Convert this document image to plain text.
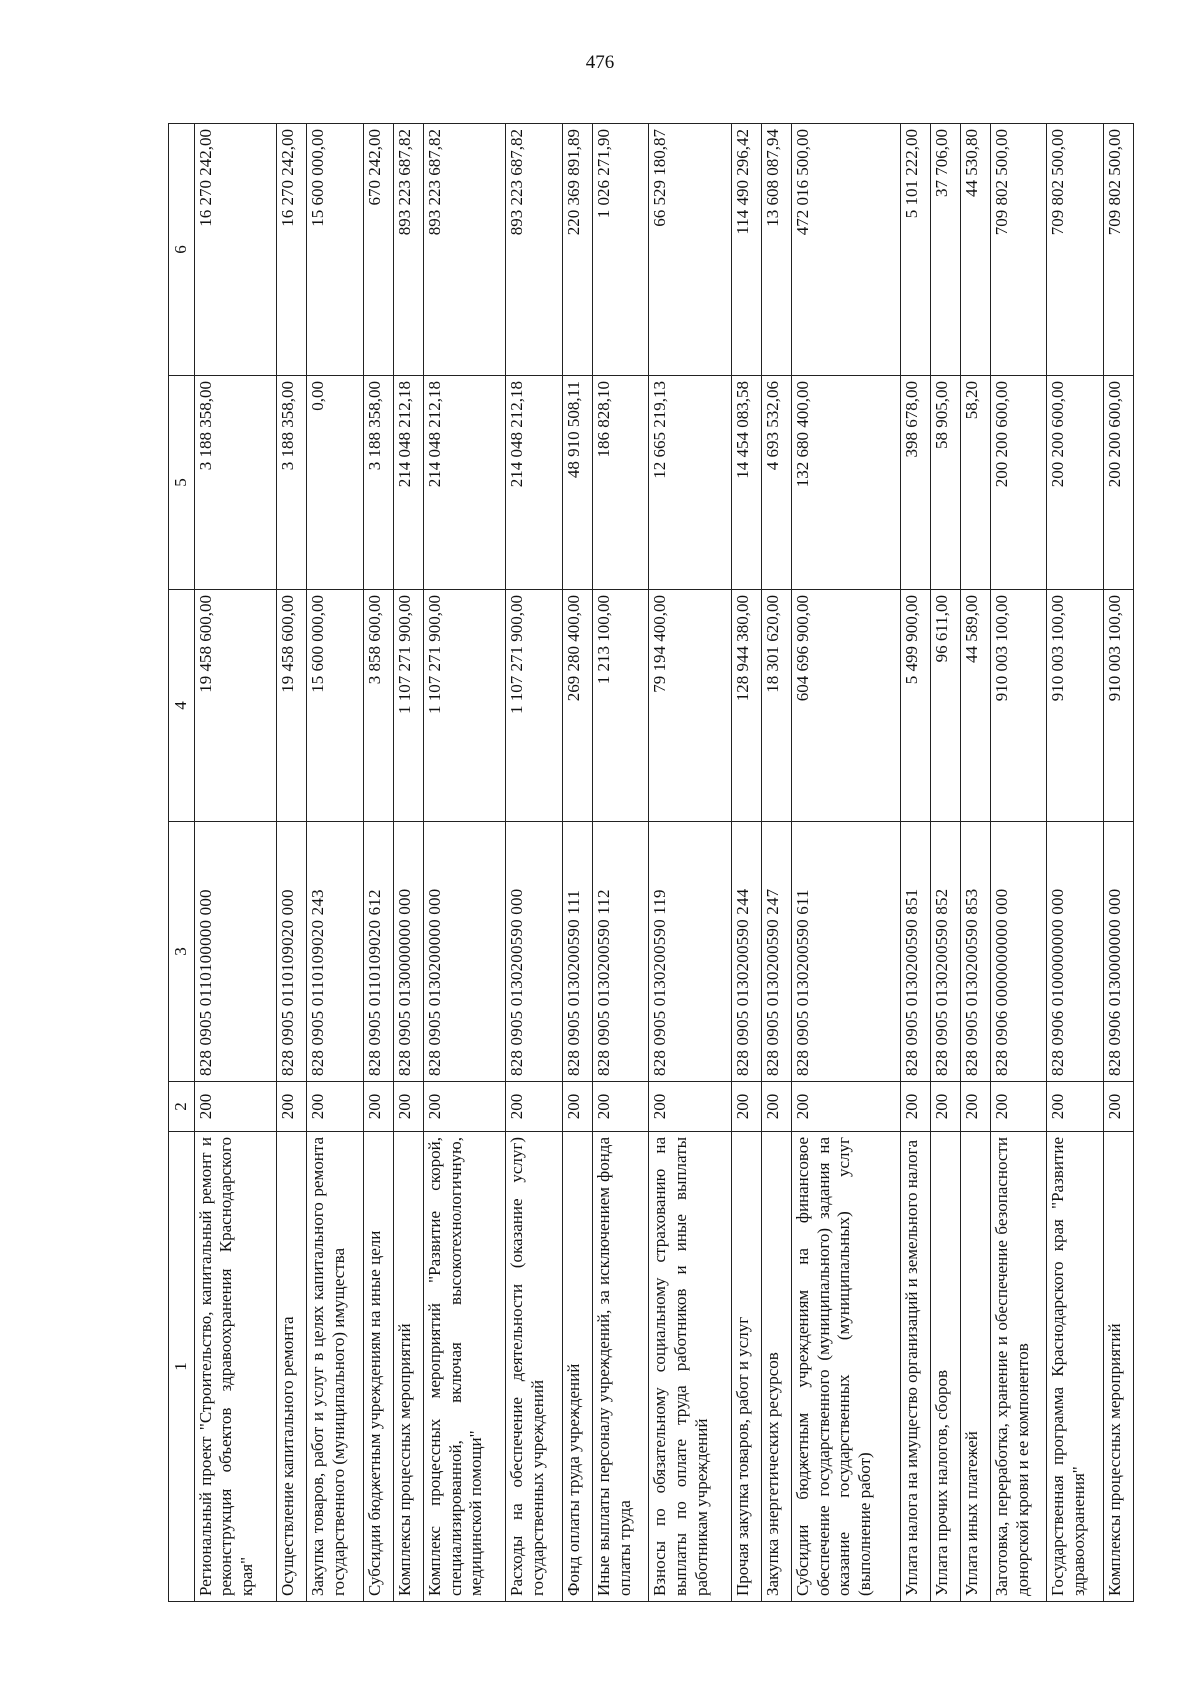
476
1	2	3	4	5	6
Региональный проект "Строительство, капитальный ремонт и реконструкция объектов здравоохранения Краснодарского края"	200	828 0905 0110100000 000	19 458 600,00	3 188 358,00	16 270 242,00
Осуществление капитального ремонта	200	828 0905 0110109020 000	19 458 600,00	3 188 358,00	16 270 242,00
Закупка товаров, работ и услуг в целях капитального ремонта государственного (муниципального) имущества	200	828 0905 0110109020 243	15 600 000,00	0,00	15 600 000,00
Субсидии бюджетным учреждениям на иные цели	200	828 0905 0110109020 612	3 858 600,00	3 188 358,00	670 242,00
Комплексы процессных мероприятий	200	828 0905 0130000000 000	1 107 271 900,00	214 048 212,18	893 223 687,82
Комплекс процессных мероприятий "Развитие скорой, специализированной, включая высокотехнологичную, медицинской помощи"	200	828 0905 0130200000 000	1 107 271 900,00	214 048 212,18	893 223 687,82
Расходы на обеспечение деятельности (оказание услуг) государственных учреждений	200	828 0905 0130200590 000	1 107 271 900,00	214 048 212,18	893 223 687,82
Фонд оплаты труда учреждений	200	828 0905 0130200590 111	269 280 400,00	48 910 508,11	220 369 891,89
Иные выплаты персоналу учреждений, за исключением фонда оплаты труда	200	828 0905 0130200590 112	1 213 100,00	186 828,10	1 026 271,90
Взносы по обязательному социальному страхованию на выплаты по оплате труда работников и иные выплаты работникам учреждений	200	828 0905 0130200590 119	79 194 400,00	12 665 219,13	66 529 180,87
Прочая закупка товаров, работ и услуг	200	828 0905 0130200590 244	128 944 380,00	14 454 083,58	114 490 296,42
Закупка энергетических ресурсов	200	828 0905 0130200590 247	18 301 620,00	4 693 532,06	13 608 087,94
Субсидии бюджетным учреждениям на финансовое обеспечение государственного (муниципального) задания на оказание государственных (муниципальных) услуг (выполнение работ)	200	828 0905 0130200590 611	604 696 900,00	132 680 400,00	472 016 500,00
Уплата налога на имущество организаций и земельного налога	200	828 0905 0130200590 851	5 499 900,00	398 678,00	5 101 222,00
Уплата прочих налогов, сборов	200	828 0905 0130200590 852	96 611,00	58 905,00	37 706,00
Уплата иных платежей	200	828 0905 0130200590 853	44 589,00	58,20	44 530,80
Заготовка, переработка, хранение и обеспечение безопасности донорской крови и ее компонентов	200	828 0906 0000000000 000	910 003 100,00	200 200 600,00	709 802 500,00
Государственная программа Краснодарского края "Развитие здравоохранения"	200	828 0906 0100000000 000	910 003 100,00	200 200 600,00	709 802 500,00
Комплексы процессных мероприятий	200	828 0906 0130000000 000	910 003 100,00	200 200 600,00	709 802 500,00
